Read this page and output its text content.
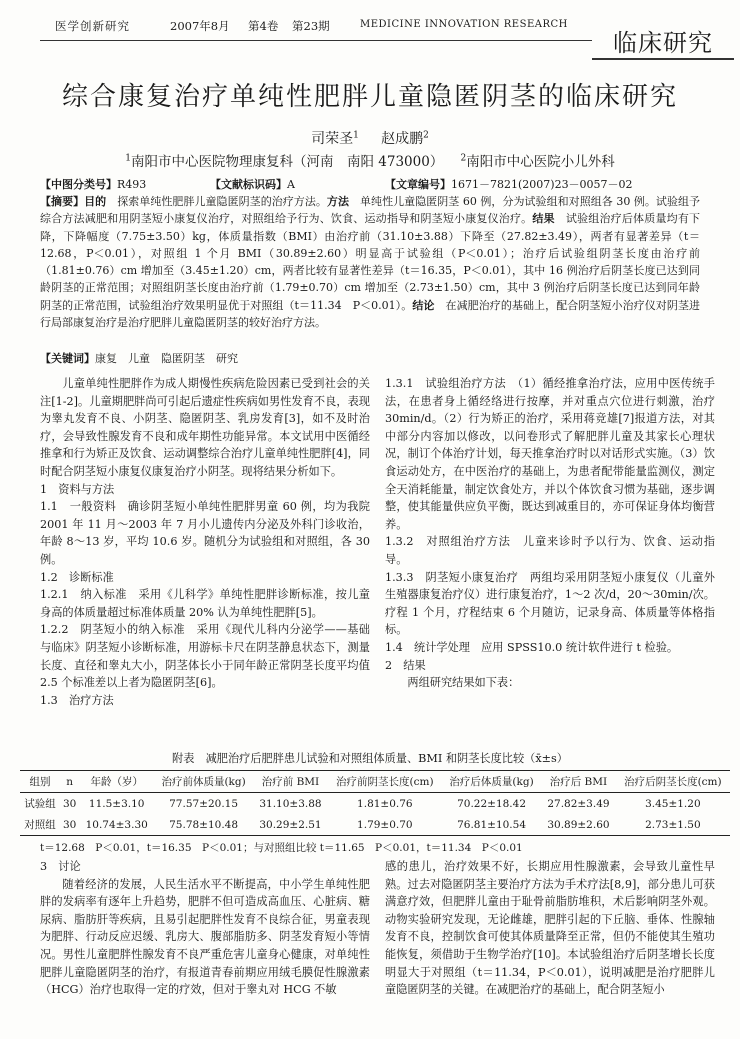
医学创新研究	2007年8月 第4卷 第23期	MEDICINE INNOVATION RESEARCH
临床研究
综合康复治疗单纯性肥胖儿童隐匿阴茎的临床研究
司荣圣$^1$ 赵成鹏$^2$
$^1$南阳市中心医院物理康复科（河南　南阳 473000） $^2$南阳市中心医院小儿外科
【中图分类号】R493	【文献标识码】A	【文章编号】1671－7821(2007)23－0057－02
【摘要】目的　探索单纯性肥胖儿童隐匿阴茎的治疗方法。方法　单纯性儿童隐匿阴茎 60 例，分为试验组和对照组各 30 例。试验组予综合方法减肥和用阴茎短小康复仪治疗，对照组给予行为、饮食、运动指导和阴茎短小康复仪治疗。结果　试验组治疗后体质量均有下降，下降幅度（7.75±3.50）kg，体质量指数（BMI）由治疗前（31.10±3.88）下降至（27.82±3.49），两者有显著差异（t＝12.68，P＜0.01），对照组 1 个月 BMI（30.89±2.60）明显高于试验组（P＜0.01）；治疗后试验组阴茎长度由治疗前（1.81±0.76）cm 增加至（3.45±1.20）cm，两者比较有显著性差异（t＝16.35，P＜0.01），其中 16 例治疗后阴茎长度已达到同龄阴茎的正常范围；对照组阴茎长度由治疗前（1.79±0.70）cm 增加至（2.73±1.50）cm，其中 3 例治疗后阴茎长度已达到同年龄阴茎的正常范围，试验组治疗效果明显优于对照组（t＝11.34　P＜0.01）。结论　在减肥治疗的基础上，配合阴茎短小治疗仪对阴茎进行局部康复治疗是治疗肥胖儿童隐匿阴茎的较好治疗方法。
【关键词】康复　儿童　隐匿阴茎　研究

儿童单纯性肥胖作为成人期慢性疾病危险因素已受到社会的关注[1-2]。儿童期肥胖尚可引起后遗症性疾病如男性发育不良，表现为睾丸发育不良、小阴茎、隐匿阴茎、乳房发育[3]，如不及时治疗，会导致性腺发育不良和成年期性功能异常。本文试用中医循经推拿和行为矫正及饮食、运动调整综合治疗儿童单纯性肥胖[4]，同时配合阴茎短小康复仪康复治疗小阴茎。现将结果分析如下。

1　资料与方法

1.1　一般资料　确诊阴茎短小单纯性肥胖男童 60 例，均为我院 2001 年 11 月～2003 年 7 月小儿遗传内分泌及外科门诊收治，年龄 8～13 岁，平均 10.6 岁。随机分为试验组和对照组，各 30 例。

1.2　诊断标准

1.2.1　纳入标准　采用《儿科学》单纯性肥胖诊断标准，按儿童身高的体质量超过标准体质量 20% 认为单纯性肥胖[5]。

1.2.2　阴茎短小的纳入标准　采用《现代儿科内分泌学——基础与临床》阴茎短小诊断标准，用游标卡尺在阴茎静息状态下，测量长度、直径和睾丸大小，阴茎体长小于同年龄正常阴茎长度平均值 2.5 个标准差以上者为隐匿阴茎[6]。

1.3　治疗方法

1.3.1　试验组治疗方法　（1）循经推拿治疗法，应用中医传统手法，在患者身上循经络进行按摩，并对重点穴位进行刺激，治疗 30min/d。（2）行为矫正的治疗，采用蒋竞雄[7]报道方法，对其中部分内容加以修改，以问卷形式了解肥胖儿童及其家长心理状况，制订个体治疗计划，每天推拿治疗时以对话形式实施。（3）饮食运动处方，在中医治疗的基础上，为患者配带能量监测仪，测定全天消耗能量，制定饮食处方，并以个体饮食习惯为基础，逐步调整，使其能量供应负平衡，既达到减重目的，亦可保证身体均衡营养。

1.3.2　对照组治疗方法　儿童来诊时予以行为、饮食、运动指导。

1.3.3　阴茎短小康复治疗　两组均采用阴茎短小康复仪（儿童外生殖器康复治疗仪）进行康复治疗，1～2 次/d，20～30min/次。疗程 1 个月，疗程结束 6 个月随访，记录身高、体质量等体格指标。

1.4　统计学处理　应用 SPSS10.0 统计软件进行 t 检验。

2　结果

两组研究结果如下表：

附表　减肥治疗后肥胖患儿试验和对照组体质量、BMI 和阴茎长度比较（x̄±s）
组别	n	年龄（岁）	治疗前体质量(kg)	治疗前 BMI	治疗前阴茎长度(cm)	治疗后体质量(kg)	治疗后 BMI	治疗后阴茎长度(cm)
试验组	30	11.5±3.10	77.57±20.15	31.10±3.88	1.81±0.76	70.22±18.42	27.82±3.49	3.45±1.20
对照组	30	10.74±3.30	75.78±10.48	30.29±2.51	1.79±0.70	76.81±10.54	30.89±2.60	2.73±1.50
t＝12.68　P＜0.01，t＝16.35　P＜0.01；与对照组比较 t＝11.65　P＜0.01，t＝11.34　P＜0.01

3　讨论

随着经济的发展，人民生活水平不断提高，中小学生单纯性肥胖的发病率有逐年上升趋势，肥胖不但可造成高血压、心脏病、糖尿病、脂肪肝等疾病，且易引起肥胖性发育不良综合征，男童表现为肥胖、行动反应迟缓、乳房大、腹部脂肪多、阴茎发育短小等情况。男性儿童肥胖性腺发育不良严重危害儿童身心健康，对单纯性肥胖儿童隐匿阴茎的治疗，有报道青春前期应用绒毛膜促性腺激素（HCG）治疗也取得一定的疗效，但对于睾丸对 HCG 不敏

感的患儿，治疗效果不好，长期应用性腺激素，会导致儿童性早熟。过去对隐匿阴茎主要治疗方法为手术疗法[8,9]，部分患儿可获满意疗效，但肥胖儿童由于耻骨前脂肪堆积，术后影响阴茎外观。动物实验研究发现，无论雌雄，肥胖引起的下丘脑、垂体、性腺轴发育不良，控制饮食可使其体质量降至正常，但仍不能使其生殖功能恢复，须借助于生物学治疗[10]。本试验组治疗后阴茎增长长度明显大于对照组（t＝11.34，P＜0.01），说明减肥是治疗肥胖儿童隐匿阴茎的关键。在减肥治疗的基础上，配合阴茎短小
